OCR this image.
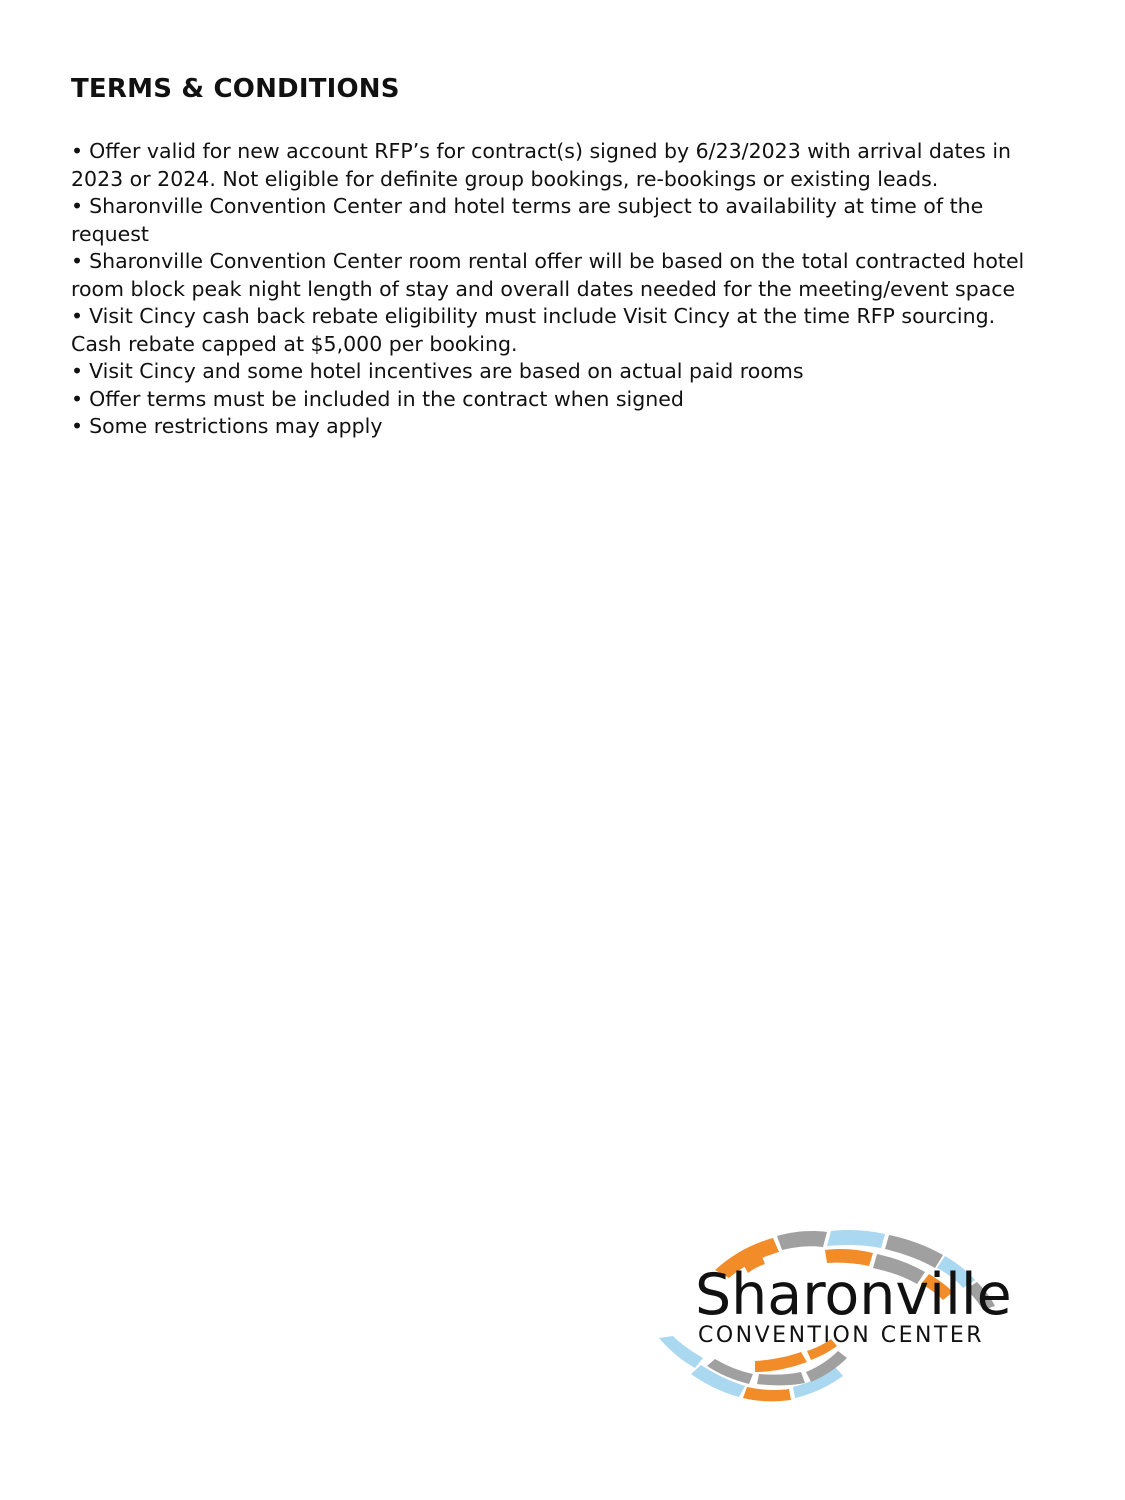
TERMS & CONDITIONS
• Offer valid for new account RFP’s for contract(s) signed by 6/23/2023 with arrival dates in 2023 or 2024. Not eligible for definite group bookings, re-bookings or existing leads.
• Sharonville Convention Center and hotel terms are subject to availability at time of the request
• Sharonville Convention Center room rental offer will be based on the total contracted hotel room block peak night length of stay and overall dates needed for the meeting/event space
• Visit Cincy cash back rebate eligibility must include Visit Cincy at the time RFP sourcing. Cash rebate capped at $5,000 per booking.
• Visit Cincy and some hotel incentives are based on actual paid rooms
• Offer terms must be included in the contract when signed
• Some restrictions may apply
Sharonville
CONVENTION CENTER
